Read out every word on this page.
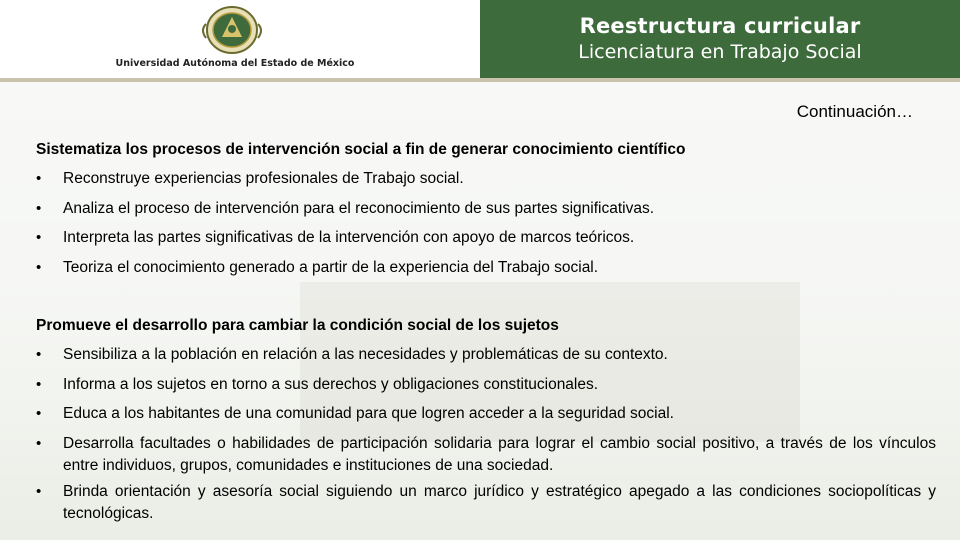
Universidad Autónoma del Estado de México
Reestructura curricular
Licenciatura en Trabajo Social
Continuación…
Sistematiza los procesos de intervención social a fin de generar conocimiento científico
• Reconstruye experiencias profesionales de Trabajo social.
• Analiza el proceso de intervención para el reconocimiento de sus partes significativas.
• Interpreta las partes significativas de la intervención con apoyo de marcos teóricos.
• Teoriza el conocimiento generado a partir de la experiencia del Trabajo social.
Promueve el desarrollo para cambiar la condición social de los sujetos
• Sensibiliza a la población en relación a las necesidades y problemáticas de su contexto.
• Informa a los sujetos en torno a sus derechos y obligaciones constitucionales.
• Educa a los habitantes de una comunidad para que logren acceder a la seguridad social.
• Desarrolla facultades o habilidades de participación solidaria para lograr el cambio social positivo, a través de los vínculos entre individuos, grupos, comunidades e instituciones de una sociedad.
• Brinda orientación y asesoría social siguiendo un marco jurídico y estratégico apegado a las condiciones sociopolíticas y tecnológicas.
